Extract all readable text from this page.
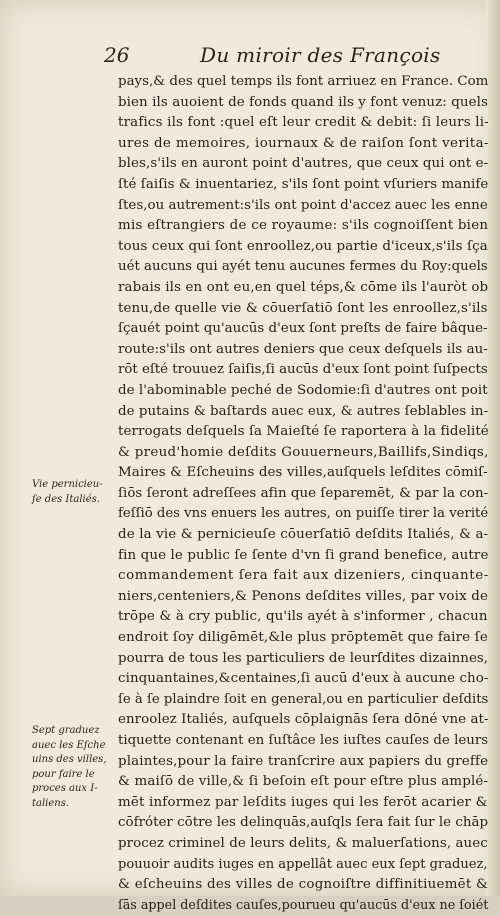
26	Du miroir des François
pays,& des quel temps ils font arriuez en France. Com
bien ils auoient de fonds quand ils y font venuz: quels
trafics ils font :quel eſt leur credit & debit: ſi leurs li-
ures de memoires, iournaux & de raiſon ſont verita-
bles,s'ils en auront point d'autres, que ceux qui ont e-
ſté ſaiſis & inuentariez, s'ils ſont point vſuriers manife
ſtes,ou autrement:s'ils ont point d'accez auec les enne
mis eſtrangiers de ce royaume: s'ils cognoiſſent bien
tous ceux qui ſont enroollez,ou partie d'iceux,s'ils ſça
uét aucuns qui ayét tenu aucunes fermes du Roy:quels
rabais ils en ont eu,en quel téps,& cōme ils l'auròt ob
tenu,de quelle vie & cōuerſatiō ſont les enroollez,s'ils
ſçauét point qu'aucūs d'eux ſont preſts de faire bâque-
route:s'ils ont autres deniers que ceux deſquels ils au-
rōt eſté trouuez ſaiſis,ſi aucūs d'eux ſont point ſuſpects
de l'abominable peché de Sodomie:ſi d'autres ont poit
de putains & baſtards auec eux, & autres ſeblables in-
terrogats deſquels ſa Maieſté ſe raportera à la fidelité
& preud'homie deſdits Gouuerneurs,Baillifs,Sindiqs,
Maires & Eſcheuins des villes,auſquels leſdites cōmiſ-
ſiōs ſeront adreſſees afin que ſeparemēt, & par la con-
feſſiō des vns enuers les autres, on puiſſe tirer la verité
de la vie & pernicieuſe cōuerſatiō deſdits Italiés, & a-
fin que le public ſe ſente d'vn ſi grand benefice, autre
commandement ſera fait aux dizeniers, cinquante-
niers,centeniers,& Penons deſdites villes, par voix de
trōpe & à cry public, qu'ils ayét à s'informer , chacun
endroit ſoy diligēmēt,&le plus prōptemēt que faire ſe
pourra de tous les particuliers de leurſdites dizainnes,
cinquantaines,&centaines,ſi aucū d'eux à aucune cho-
ſe à ſe plaindre ſoit en general,ou en particulier deſdits
enroolez Italiés, auſquels cōplaignās ſera dōné vne at-
tiquette contenant en ſuſtâce les iuſtes cauſes de leurs
plaintes,pour la faire tranſcrire aux papiers du greffe
& maiſō de ville,& ſi beſoin eſt pour eſtre plus amplé-
mēt informez par leſdits iuges qui les ferōt acarier &
cōfróter cōtre les delinquās,auſqls ſera fait ſur le chāp
procez criminel de leurs delits, & maluerſations, auec
pouuoir audits iuges en appellât auec eux ſept graduez,
& eſcheuins des villes de cognoiſtre diffinitiuemēt &
ſās appel deſdites cauſes,pourueu qu'aucūs d'eux ne ſoiét
Vie pernicieu-
ſe des Italiés.
Sept graduez
auec les Eſche
uins des villes,
pour faire le
proces aux I-
taliens.
